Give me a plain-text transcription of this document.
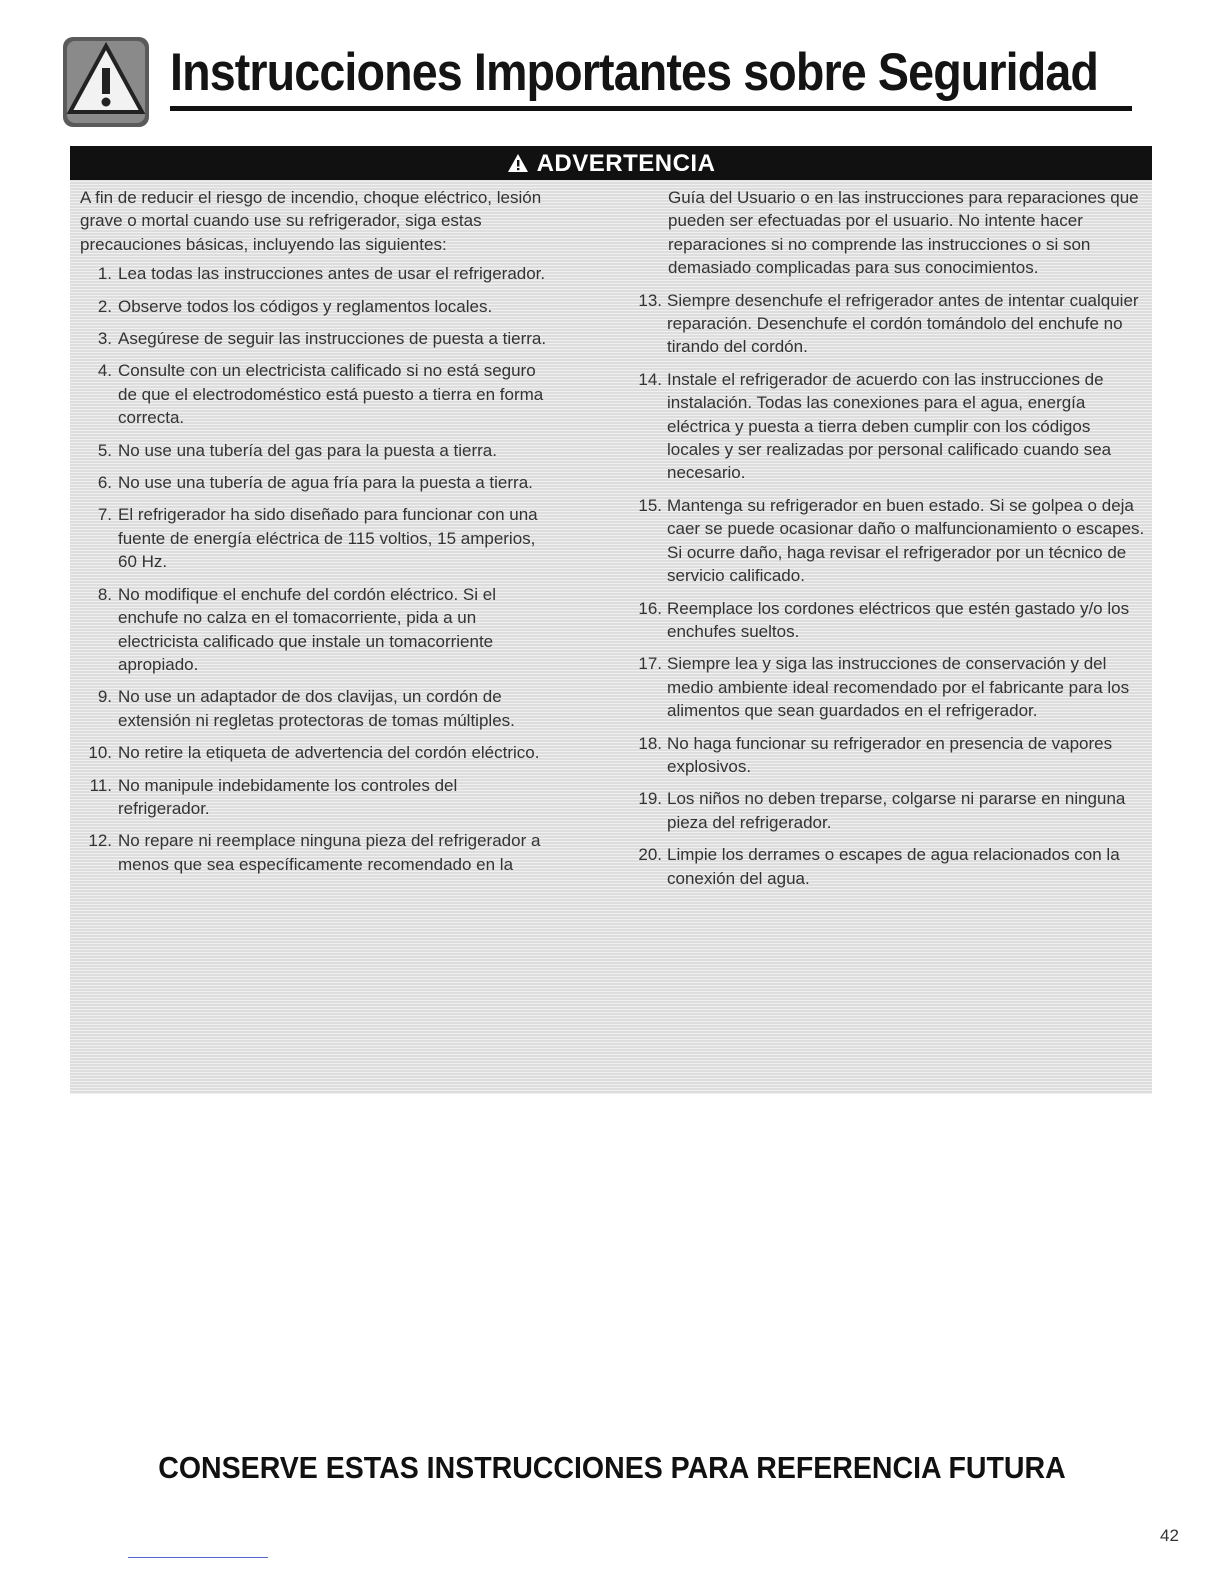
Instrucciones Importantes sobre Seguridad
ADVERTENCIA

A fin de reducir el riesgo de incendio, choque eléctrico, lesión grave o mortal cuando use su refrigerador, siga estas precauciones básicas, incluyendo las siguientes:

1. Lea todas las instrucciones antes de usar el refrigerador.
2. Observe todos los códigos y reglamentos locales.
3. Asegúrese de seguir las instrucciones de puesta a tierra.
4. Consulte con un electricista calificado si no está seguro de que el electrodoméstico está puesto a tierra en forma correcta.
5. No use una tubería del gas para la puesta a tierra.
6. No use una tubería de agua fría para la puesta a tierra.
7. El refrigerador ha sido diseñado para funcionar con una fuente de energía eléctrica de 115 voltios, 15 amperios, 60 Hz.
8. No modifique el enchufe del cordón eléctrico. Si el enchufe no calza en el tomacorriente, pida a un electricista calificado que instale un tomacorriente apropiado.
9. No use un adaptador de dos clavijas, un cordón de extensión ni regletas protectoras de tomas múltiples.
10. No retire la etiqueta de advertencia del cordón eléctrico.
11. No manipule indebidamente los controles del refrigerador.
12. No repare ni reemplace ninguna pieza del refrigerador a menos que sea específicamente recomendado en la

Guía del Usuario o en las instrucciones para reparaciones que pueden ser efectuadas por el usuario. No intente hacer reparaciones si no comprende las instrucciones o si son demasiado complicadas para sus conocimientos.

13. Siempre desenchufe el refrigerador antes de intentar cualquier reparación. Desenchufe el cordón tomándolo del enchufe no tirando del cordón.
14. Instale el refrigerador de acuerdo con las instrucciones de instalación. Todas las conexiones para el agua, energía eléctrica y puesta a tierra deben cumplir con los códigos locales y ser realizadas por personal calificado cuando sea necesario.
15. Mantenga su refrigerador en buen estado. Si se golpea o deja caer se puede ocasionar daño o malfuncionamiento o escapes. Si ocurre daño, haga revisar el refrigerador por un técnico de servicio calificado.
16. Reemplace los cordones eléctricos que estén gastado y/o los enchufes sueltos.
17. Siempre lea y siga las instrucciones de conservación y del medio ambiente ideal recomendado por el fabricante para los alimentos que sean guardados en el refrigerador.
18. No haga funcionar su refrigerador en presencia de vapores explosivos.
19. Los niños no deben treparse, colgarse ni pararse en ninguna pieza del refrigerador.
20. Limpie los derrames o escapes de agua relacionados con la conexión del agua.

CONSERVE ESTAS INSTRUCCIONES PARA REFERENCIA FUTURA

42
